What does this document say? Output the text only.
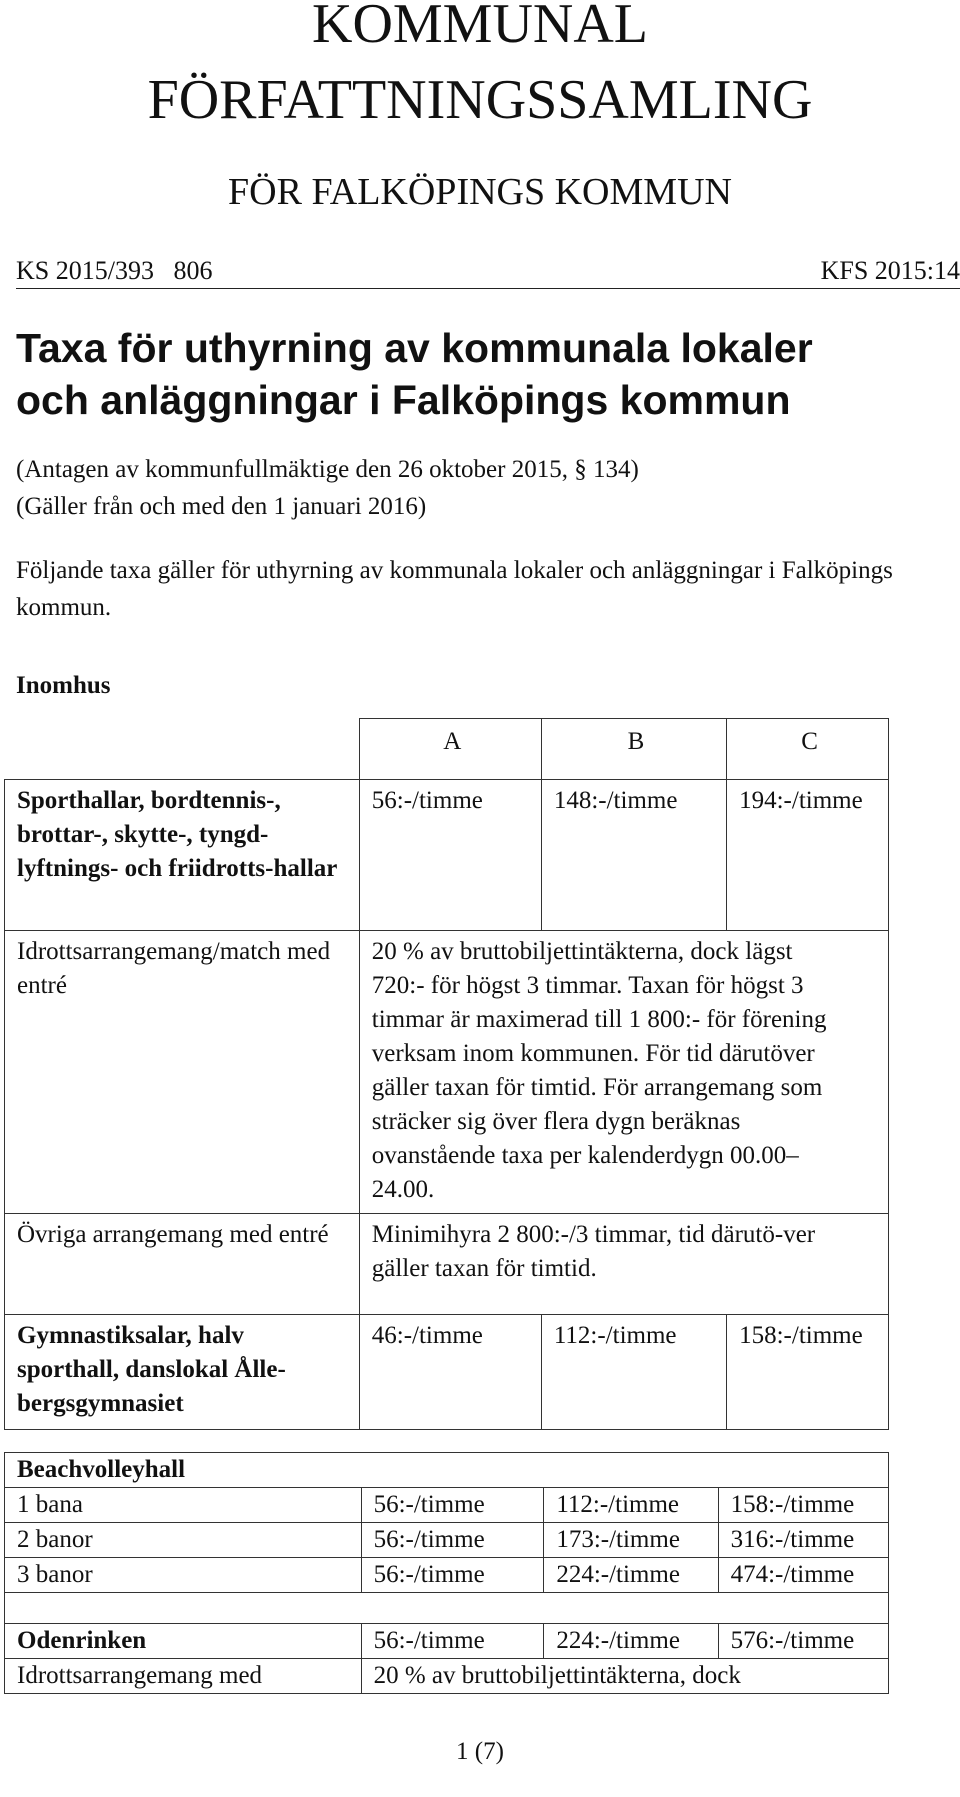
KOMMUNAL
FÖRFATTNINGSSAMLING
FÖR FALKÖPINGS KOMMUN
KS 2015/393   806	KFS 2015:14
Taxa för uthyrning av kommunala lokaler
och anläggningar i Falköpings kommun
(Antagen av kommunfullmäktige den 26 oktober 2015, § 134)
(Gäller från och med den 1 januari 2016)
Följande taxa gäller för uthyrning av kommunala lokaler och anläggningar i Falköpings kommun.
Inomhus
	A	B	C
Sporthallar, bordtennis-, brottar-, skytte-, tyngd-lyftnings- och friidrotts-hallar	56:-/timme	148:-/timme	194:-/timme
Idrottsarrangemang/match med entré	20 % av bruttobiljettintäkterna, dock lägst 720:- för högst 3 timmar. Taxan för högst 3 timmar är maximerad till 1 800:- för förening verksam inom kommunen. För tid därutöver gäller taxan för timtid. För arrangemang som sträcker sig över flera dygn beräknas ovanstående taxa per kalenderdygn 00.00–24.00.		
Övriga arrangemang med entré	Minimihyra 2 800:-/3 timmar, tid därutö-ver gäller taxan för timtid.		
Gymnastiksalar, halv sporthall, danslokal Ålle-bergsgymnasiet	46:-/timme	112:-/timme	158:-/timme
Beachvolleyhall			
1 bana	56:-/timme	112:-/timme	158:-/timme
2 banor	56:-/timme	173:-/timme	316:-/timme
3 banor	56:-/timme	224:-/timme	474:-/timme

Odenrinken	56:-/timme	224:-/timme	576:-/timme
Idrottsarrangemang med	20 % av bruttobiljettintäkterna, dock		
1 (7)
